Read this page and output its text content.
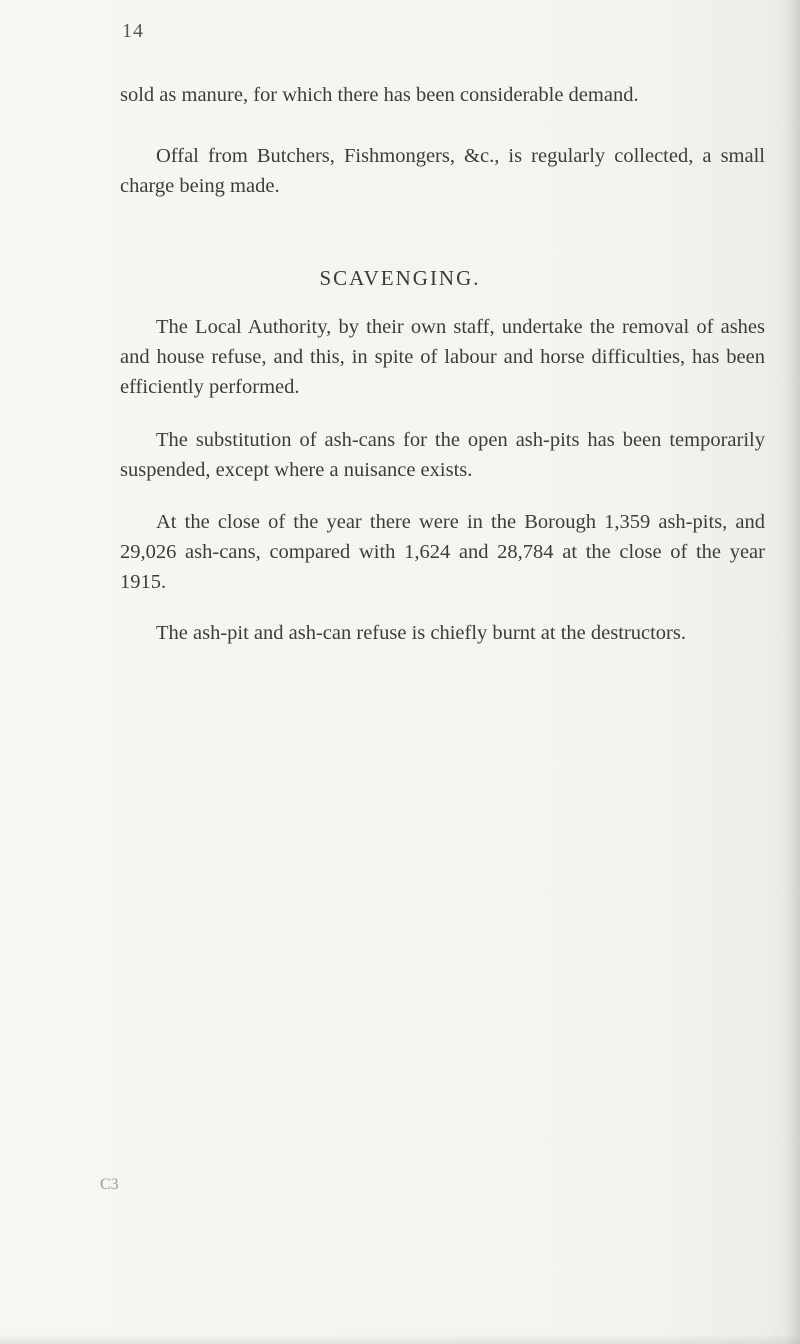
14
sold as manure, for which there has been considerable demand.
Offal from Butchers, Fishmongers, &c., is regularly collected, a small charge being made.
SCAVENGING.
The Local Authority, by their own staff, undertake the removal of ashes and house refuse, and this, in spite of labour and horse difficulties, has been efficiently performed.
The substitution of ash-cans for the open ash-pits has been temporarily suspended, except where a nuisance exists.
At the close of the year there were in the Borough 1,359 ash-pits, and 29,026 ash-cans, compared with 1,624 and 28,784 at the close of the year 1915.
The ash-pit and ash-can refuse is chiefly burnt at the destructors.
C3
